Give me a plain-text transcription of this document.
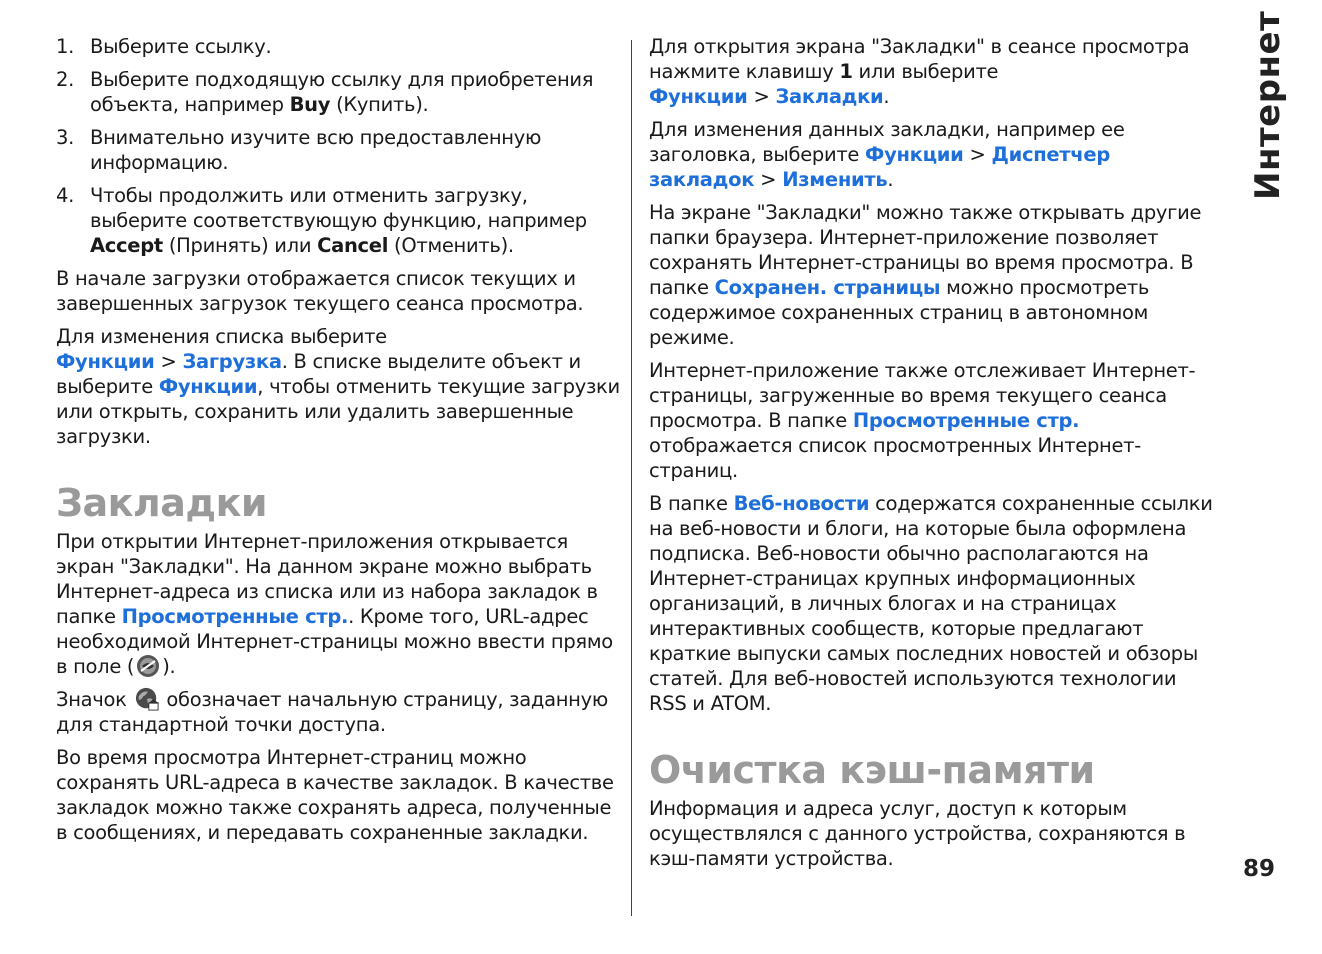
Интернет
89
1. Выберите ссылку.
2. Выберите подходящую ссылку для приобретения объекта, например Buy (Купить).
3. Внимательно изучите всю предоставленную информацию.
4. Чтобы продолжить или отменить загрузку, выберите соответствующую функцию, например Accept (Принять) или Cancel (Отменить).

В начале загрузки отображается список текущих и завершенных загрузок текущего сеанса просмотра.

Для изменения списка выберите Функции > Загрузка. В списке выделите объект и выберите Функции, чтобы отменить текущие загрузки или открыть, сохранить или удалить завершенные загрузки.

Закладки

При открытии Интернет-приложения открывается экран "Закладки". На данном экране можно выбрать Интернет-адреса из списка или из набора закладок в папке Просмотренные стр.. Кроме того, URL-адрес необходимой Интернет-страницы можно ввести прямо в поле ( ).

Значок  обозначает начальную страницу, заданную для стандартной точки доступа.

Во время просмотра Интернет-страниц можно сохранять URL-адреса в качестве закладок. В качестве закладок можно также сохранять адреса, полученные в сообщениях, и передавать сохраненные закладки.

Для открытия экрана "Закладки" в сеансе просмотра нажмите клавишу 1 или выберите Функции > Закладки.

Для изменения данных закладки, например ее заголовка, выберите Функции > Диспетчер закладок > Изменить.

На экране "Закладки" можно также открывать другие папки браузера. Интернет-приложение позволяет сохранять Интернет-страницы во время просмотра. В папке Сохранен. страницы можно просмотреть содержимое сохраненных страниц в автономном режиме.

Интернет-приложение также отслеживает Интернет-страницы, загруженные во время текущего сеанса просмотра. В папке Просмотренные стр. отображается список просмотренных Интернет-страниц.

В папке Веб-новости содержатся сохраненные ссылки на веб-новости и блоги, на которые была оформлена подписка. Веб-новости обычно располагаются на Интернет-страницах крупных информационных организаций, в личных блогах и на страницах интерактивных сообществ, которые предлагают краткие выпуски самых последних новостей и обзоры статей. Для веб-новостей используются технологии RSS и ATOM.

Очистка кэш-памяти

Информация и адреса услуг, доступ к которым осуществлялся с данного устройства, сохраняются в кэш-памяти устройства.
